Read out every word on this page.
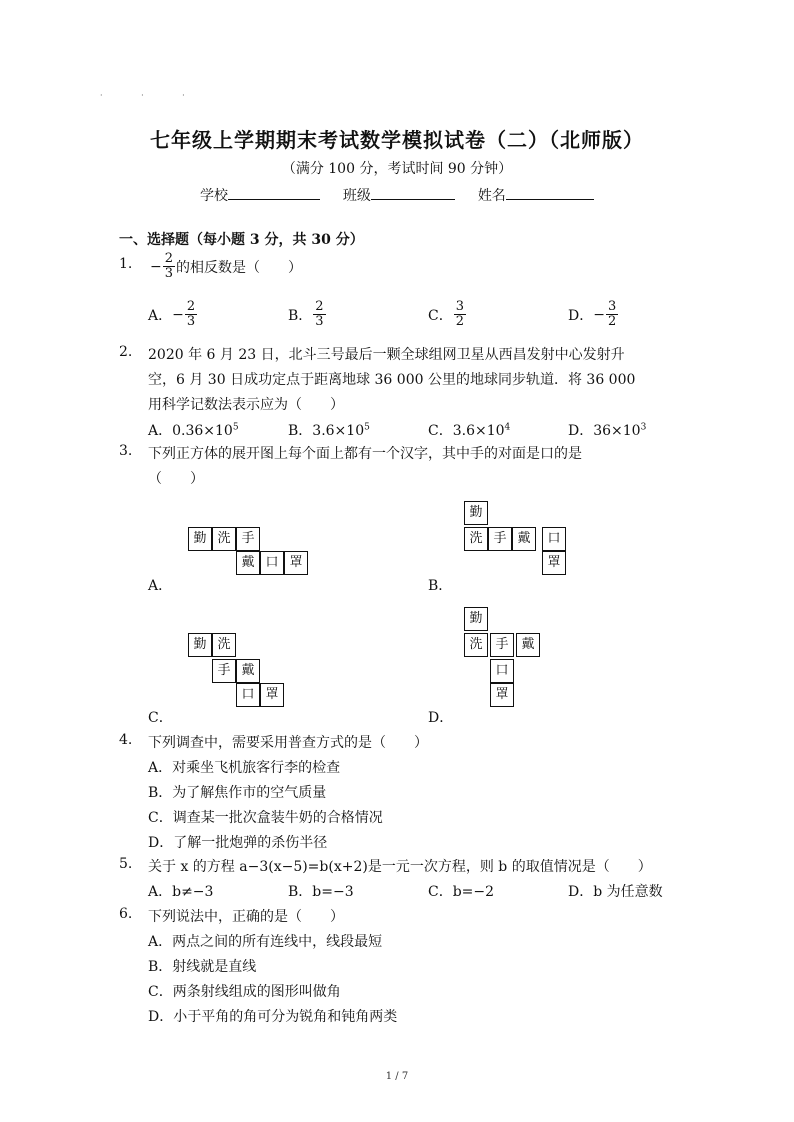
· · ·
七年级上学期期末考试数学模拟试卷（二）（北师版）
（满分 100 分，考试时间 90 分钟）
学校	班级	姓名
一、选择题（每小题 3 分，共 30 分）
1. − $\frac{2}{3}$ 的相反数是（　　）
A． − $\frac{2}{3}$	B． $\frac{2}{3}$	C． $\frac{3}{2}$	D． − $\frac{3}{2}$
2. 2020 年 6 月 23 日，北斗三号最后一颗全球组网卫星从西昌发射中心发射升
空，6 月 30 日成功定点于距离地球 36 000 公里的地球同步轨道．将 36 000
用科学记数法表示应为（　　）
A．$0.36\times 10^5$	B．$3.6\times 10^5$	C．$3.6\times 10^4$	D．$36\times 10^3$
3. 下列正方体的展开图上每个面上都有一个汉字，其中手的对面是口的是
（　　）
勤 洗 手
戴 口 罩
A．
勤
洗 手 戴	口
罩
B．
勤 洗
手 戴
口 罩
C．
勤
洗 手 戴
口
罩
D．
4. 下列调查中，需要采用普查方式的是（　　）
A．对乘坐飞机旅客行李的检查
B．为了解焦作市的空气质量
C．调查某一批次盒装牛奶的合格情况
D．了解一批炮弹的杀伤半径
5. 关于 x 的方程 a−3(x−5)=b(x+2)是一元一次方程，则 b 的取值情况是（　　）
A．b≠−3	B．b=−3	C．b=−2	D．b 为任意数
6. 下列说法中，正确的是（　　）
A．两点之间的所有连线中，线段最短
B．射线就是直线
C．两条射线组成的图形叫做角
D．小于平角的角可分为锐角和钝角两类
1 / 7
